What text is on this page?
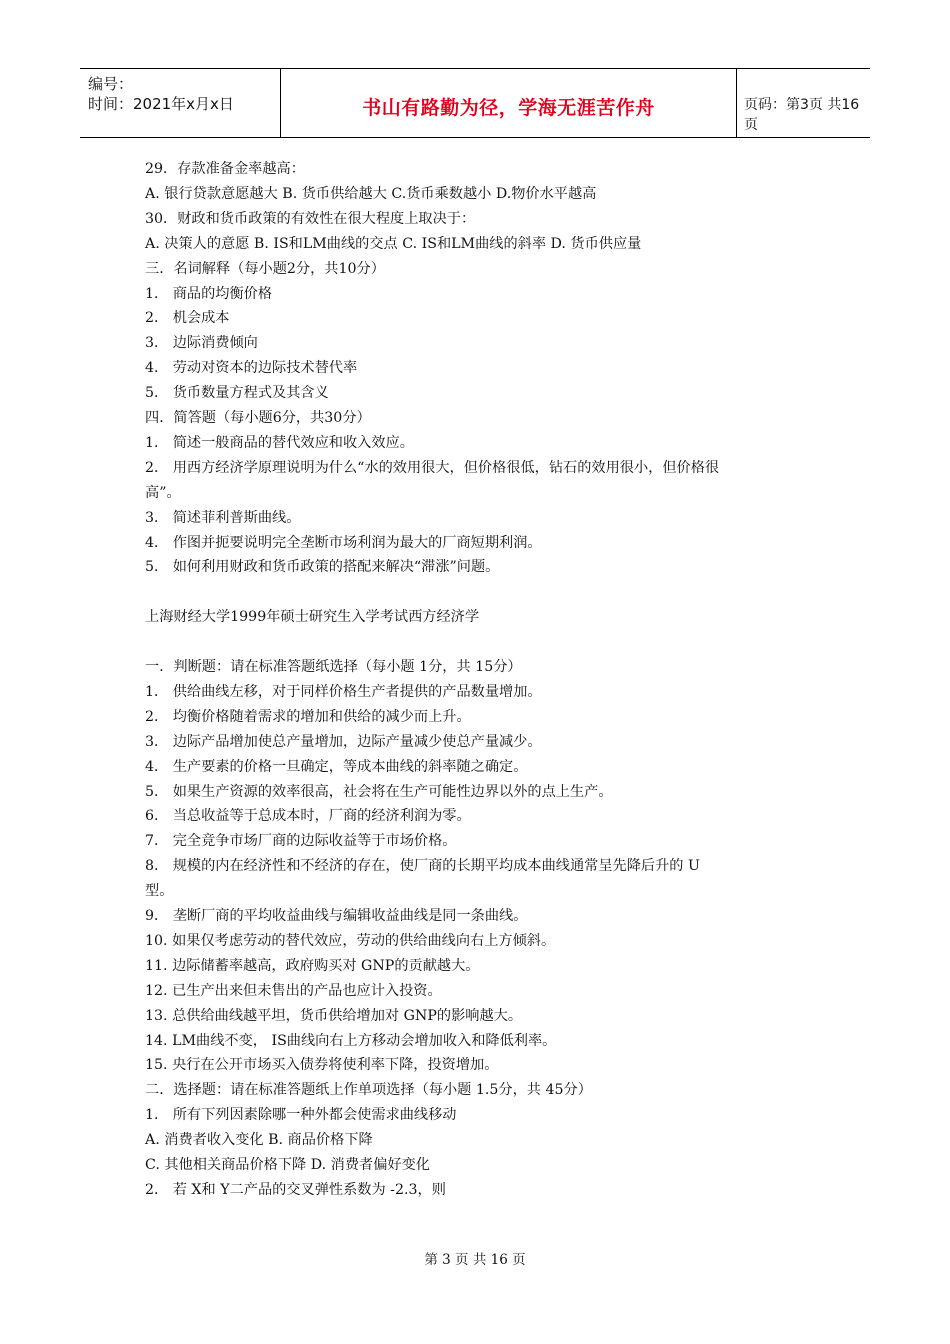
编号：
时间：2021年x月x日	书山有路勤为径，学海无涯苦作舟	页码：第3页 共16页
29．存款准备金率越高：
A. 银行贷款意愿越大 B. 货币供给越大 C.货币乘数越小 D.物价水平越高
30．财政和货币政策的有效性在很大程度上取决于：
A. 决策人的意愿 B. IS和LM曲线的交点 C. IS和LM曲线的斜率 D. 货币供应量
三．名词解释（每小题2分，共10分）
1． 商品的均衡价格
2． 机会成本
3． 边际消费倾向
4． 劳动对资本的边际技术替代率
5． 货币数量方程式及其含义
四．简答题（每小题6分，共30分）
1． 简述一般商品的替代效应和收入效应。
2． 用西方经济学原理说明为什么“水的效用很大，但价格很低，钻石的效用很小，但价格很
高”。
3． 简述菲利普斯曲线。
4． 作图并扼要说明完全垄断市场利润为最大的厂商短期利润。
5． 如何利用财政和货币政策的搭配来解决“滞涨”问题。
上海财经大学1999年硕士研究生入学考试西方经济学
一．判断题：请在标准答题纸选择（每小题 1分，共 15分）
1． 供给曲线左移，对于同样价格生产者提供的产品数量增加。
2． 均衡价格随着需求的增加和供给的减少而上升。
3． 边际产品增加使总产量增加，边际产量减少使总产量减少。
4． 生产要素的价格一旦确定，等成本曲线的斜率随之确定。
5． 如果生产资源的效率很高，社会将在生产可能性边界以外的点上生产。
6． 当总收益等于总成本时，厂商的经济利润为零。
7． 完全竞争市场厂商的边际收益等于市场价格。
8． 规模的内在经济性和不经济的存在，使厂商的长期平均成本曲线通常呈先降后升的 U
型。
9． 垄断厂商的平均收益曲线与编辑收益曲线是同一条曲线。
10. 如果仅考虑劳动的替代效应，劳动的供给曲线向右上方倾斜。
11. 边际储蓄率越高，政府购买对 GNP的贡献越大。
12. 已生产出来但未售出的产品也应计入投资。
13. 总供给曲线越平坦，货币供给增加对 GNP的影响越大。
14. LM曲线不变， IS曲线向右上方移动会增加收入和降低利率。
15. 央行在公开市场买入债券将使利率下降，投资增加。
二．选择题：请在标准答题纸上作单项选择（每小题 1.5分，共 45分）
1． 所有下列因素除哪一种外都会使需求曲线移动
A. 消费者收入变化 B. 商品价格下降
C. 其他相关商品价格下降 D. 消费者偏好变化
2． 若 X和 Y二产品的交叉弹性系数为 -2.3，则
第 3 页 共 16 页
